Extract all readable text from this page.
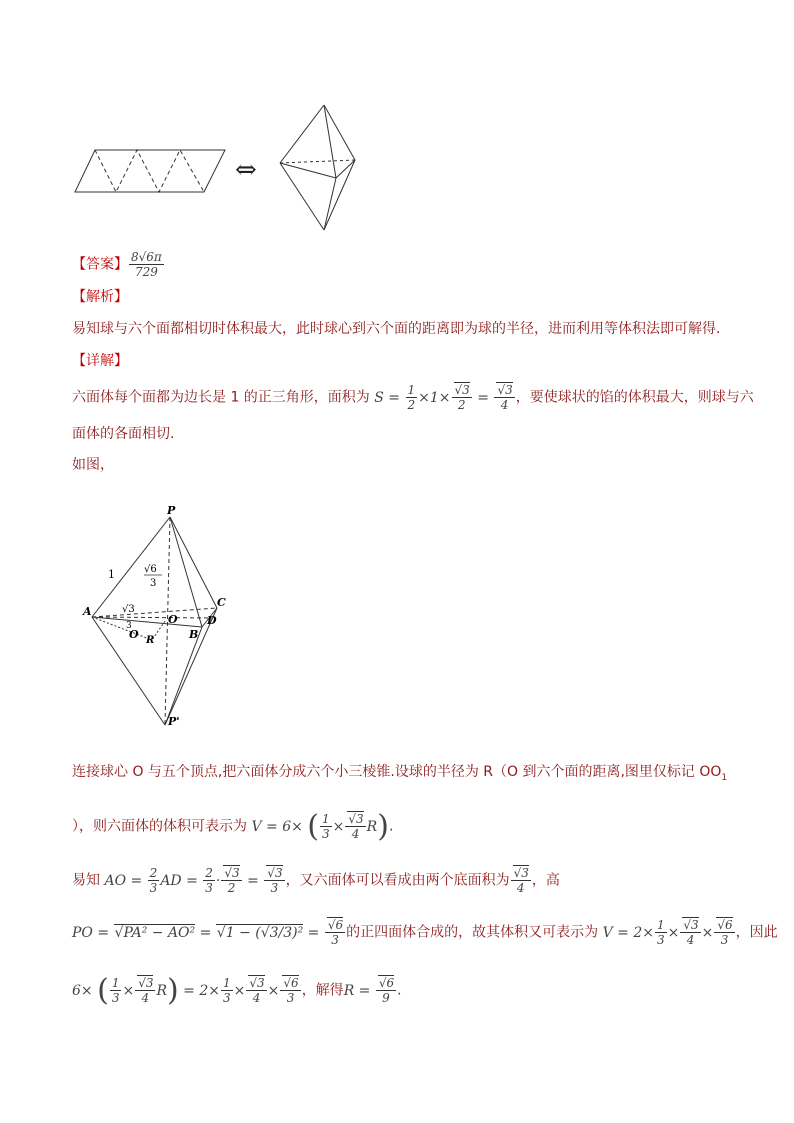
⇔
【答案】 $\frac{8√6\pi}{729}$
【解析】
易知球与六个面都相切时体积最大，此时球心到六个面的距离即为球的半径，进而利用等体积法即可解得.
【详解】
六面体每个面都为边长是 1 的正三角形，面积为 $S = \frac{1}{2} \times 1\times \frac{√3}{2} = \frac{√3}{4}$ ，要使球状的馅的体积最大，则球与六
面体的各面相切.
如图，
P
P'
A
B
C
D
O
O R
1	√6
3
√3
3
连接球心 O 与五个顶点,把六面体分成六个小三棱锥.设球的半径为 R（O 到六个面的距离,图里仅标记 $OO_1$
），则六面体的体积可表示为 V = 6× ( $\frac{1}{3} \times \frac{√3}{4} R$).
易知 AO = $\frac{2}{3}$ AD = $\frac{2}{3} \cdot \frac{√3}{2} = \frac{√3}{3}$ ，又六面体可以看成由两个底面积为 $\frac{√3}{4}$ ，高
PO = $√PA^2 - AO^2 = √1 - (√3/3)^2 = \frac{√6}{3}$ 的正四面体合成的，故其体积又可表示为 $V = 2\times \frac{1}{3} \times \frac{√3}{4} \times \frac{√6}{3}$ ，因此
6× ( $\frac{1}{3} \times \frac{√3}{4} R) = 2\times \frac{1}{3} \times \frac{√3}{4} \times \frac{√6}{3}$ ，解得$R = \frac{√6}{9}$ .
